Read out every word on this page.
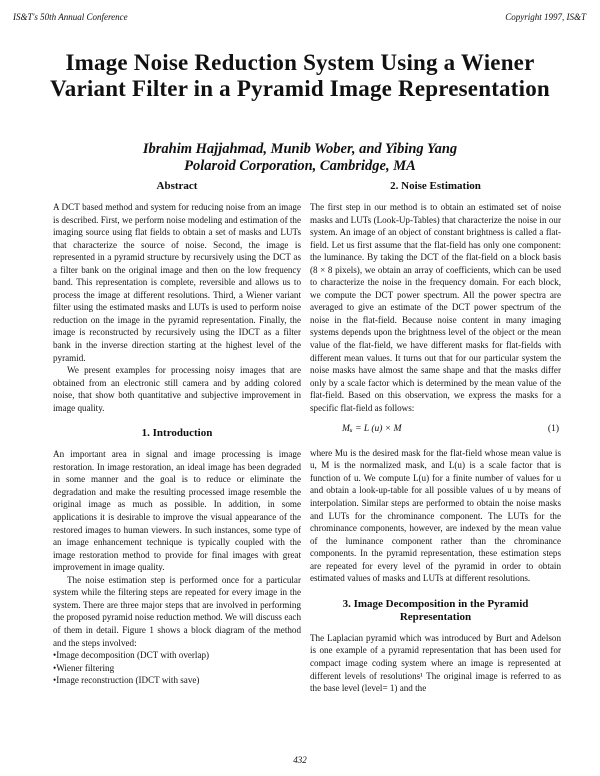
IS&T's 50th Annual Conference	Copyright 1997, IS&T
Image Noise Reduction System Using a Wiener Variant Filter in a Pyramid Image Representation
Ibrahim Hajjahmad, Munib Wober, and Yibing Yang
Polaroid Corporation, Cambridge, MA
Abstract

A DCT based method and system for reducing noise from an image is described. First, we perform noise modeling and estimation of the imaging source using flat fields to obtain a set of masks and LUTs that characterize the source of noise. Second, the image is represented in a pyramid structure by recursively using the DCT as a filter bank on the original image and then on the low frequency band. This representation is complete, reversible and allows us to process the image at different resolutions. Third, a Wiener variant filter using the estimated masks and LUTs is used to perform noise reduction on the image in the pyramid representation. Finally, the image is reconstructed by recursively using the IDCT as a filter bank in the inverse direction starting at the highest level of the pyramid.

We present examples for processing noisy images that are obtained from an electronic still camera and by adding colored noise, that show both quantitative and subjective improvement in image quality.

1. Introduction

An important area in signal and image processing is image restoration. In image restoration, an ideal image has been degraded in some manner and the goal is to reduce or eliminate the degradation and make the resulting processed image resemble the original image as much as possible. In addition, in some applications it is desirable to improve the visual appearance of the restored images to human viewers. In such instances, some type of an image enhancement technique is typically coupled with the image restoration method to provide for final images with great improvement in image quality.

The noise estimation step is performed once for a particular system while the filtering steps are repeated for every image in the system. There are three major steps that are involved in performing the proposed pyramid noise reduction method. We will discuss each of them in detail. Figure 1 shows a block diagram of the method and the steps involved:

• Image decomposition (DCT with overlap)
• Wiener filtering
• Image reconstruction (IDCT with save)
2. Noise Estimation

The first step in our method is to obtain an estimated set of noise masks and LUTs (Look-Up-Tables) that characterize the noise in our system. An image of an object of constant brightness is called a flat-field. Let us first assume that the flat-field has only one component: the luminance. By taking the DCT of the flat-field on a block basis (8 × 8 pixels), we obtain an array of coefficients, which can be used to characterize the noise in the frequency domain. For each block, we compute the DCT power spectrum. All the power spectra are averaged to give an estimate of the DCT power spectrum of the noise in the flat-field. Because noise content in many imaging systems depends upon the brightness level of the object or the mean value of the flat-field, we have different masks for flat-fields with different mean values. It turns out that for our particular system the noise masks have almost the same shape and that the masks differ only by a scale factor which is determined by the mean value of the flat-field. Based on this observation, we express the masks for a specific flat-field as follows:

Mᵤ = L (u) × M	(1)

where Mu is the desired mask for the flat-field whose mean value is u, M is the normalized mask, and L(u) is a scale factor that is function of u. We compute L(u) for a finite number of values for u and obtain a look-up-table for all possible values of u by means of interpolation. Similar steps are performed to obtain the noise masks and LUTs for the chrominance component. The LUTs for the chrominance components, however, are indexed by the mean value of the luminance component rather than the chrominance components. In the pyramid representation, these estimation steps are repeated for every level of the pyramid in order to obtain estimated values of masks and LUTs at different resolutions.

3. Image Decomposition in the Pyramid Representation

The Laplacian pyramid which was introduced by Burt and Adelson is one example of a pyramid representation that has been used for compact image coding system where an image is represented at different levels of resolutions¹ The original image is referred to as the base level (level= 1) and the

432
